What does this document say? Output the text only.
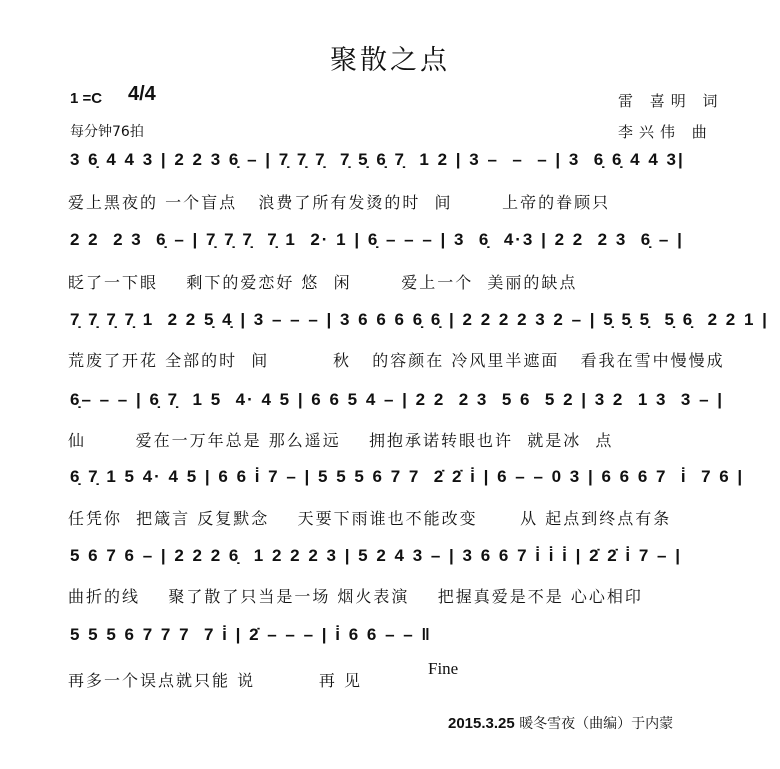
聚散之点
1 =C 4/4
每分钟76拍
雷 喜明 词
李兴伟 曲
3 6̣ 4 4 3 | 2 2 3 6̣ – | 7̣ 7̣ 7̣  7̣ 5̣ 6̣ 7̣  1 2 | 3 –  –  – | 3  6̣ 6̣ 4 4 3|
爱上黑夜的 一个盲点   浪费了所有发烫的时  间       上帝的眷顾只
2 2  2 3  6̣ – | 7̣ 7̣ 7̣  7̣ 1  2· 1 | 6̣ – – – | 3  6̣  4·3 | 2 2  2 3  6̣ – |
眨了一下眼    剩下的爱恋好 悠  闲       爱上一个  美丽的缺点
7̣ 7̣ 7̣ 7̣ 1  2 2 5̣ 4̣ | 3 – – – | 3 6 6 6 6̣ 6̣ | 2 2 2 2 3 2 – | 5̣ 5̣ 5̣  5̣ 6̣  2 2 1 |
荒废了开花 全部的时  间         秋   的容颜在 冷风里半遮面   看我在雪中慢慢成
6̣– – – | 6̣ 7̣  1 5  4· 4 5 | 6 6 5 4 – | 2 2  2 3  5 6  5 2 | 3 2  1 3  3 – |
仙       爱在一万年总是 那么遥远    拥抱承诺转眼也许  就是冰  点
6̣ 7̣ 1 5 4· 4 5 | 6 6 i̇ 7 – | 5 5 5 6 7 7  2̇ 2̇ i̇ | 6 – – 0 3 | 6 6 6 7  i̇  7 6 |
任凭你  把箴言 反复默念    天要下雨谁也不能改变      从 起点到终点有条
5 6 7 6 – | 2 2 2 6̣  1 2 2 2 3 | 5 2 4 3 – | 3 6 6 7 i̇ i̇ i̇ | 2̇ 2̇ i̇ 7 – |
曲折的线    聚了散了只当是一场 烟火表演    把握真爱是不是 心心相印
5 5 5 6 7 7 7  7 i̇ | 2̇ – – – | i̇ 6 6 – – ‖
再多一个误点就只能 说         再 见
Fine
2015.3.25 暖冬雪夜（曲编）于内蒙
